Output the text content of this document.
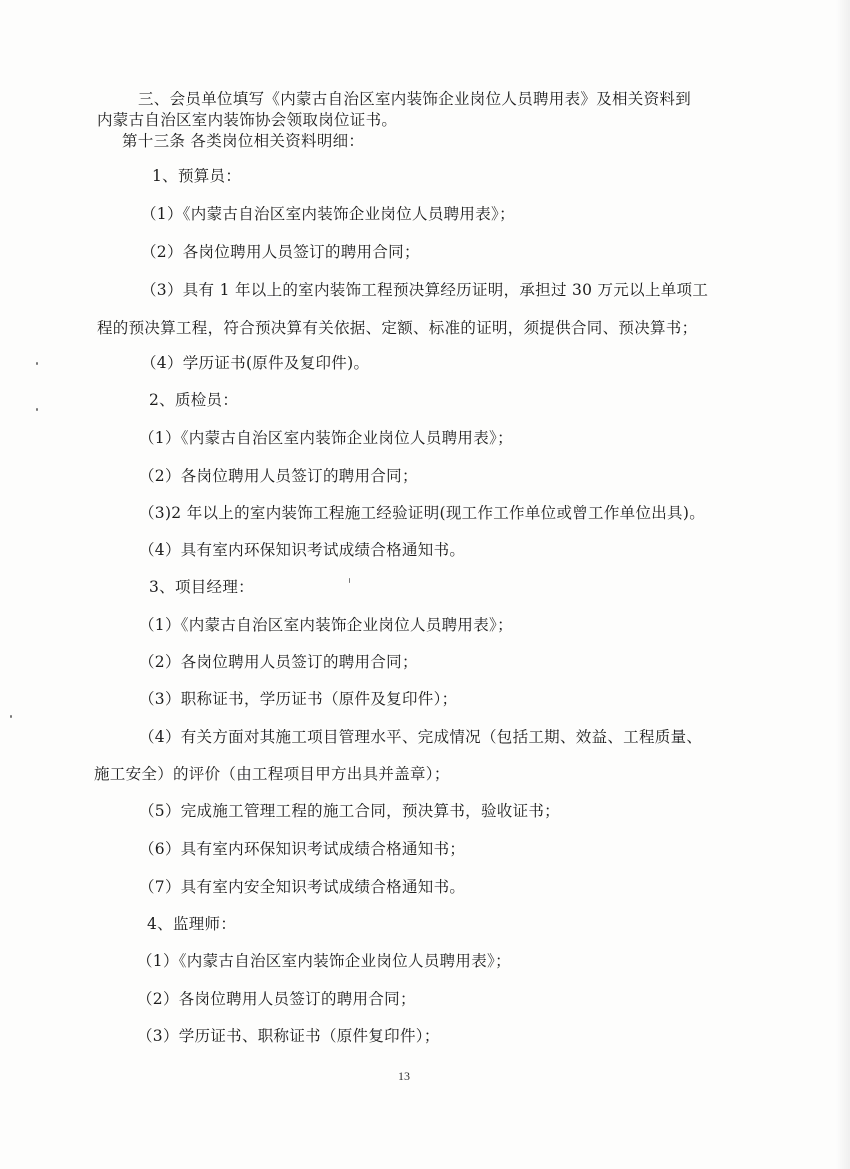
三、会员单位填写《内蒙古自治区室内装饰企业岗位人员聘用表》及相关资料到
内蒙古自治区室内装饰协会领取岗位证书。
第十三条 各类岗位相关资料明细：
1、预算员：
（1）《内蒙古自治区室内装饰企业岗位人员聘用表》；
（2）各岗位聘用人员签订的聘用合同；
（3）具有 1 年以上的室内装饰工程预决算经历证明，承担过 30 万元以上单项工
程的预决算工程，符合预决算有关依据、定额、标准的证明，须提供合同、预决算书；
（4）学历证书(原件及复印件)。
2、质检员：
（1）《内蒙古自治区室内装饰企业岗位人员聘用表》；
（2）各岗位聘用人员签订的聘用合同；
（3)2 年以上的室内装饰工程施工经验证明(现工作工作单位或曾工作单位出具)。
（4）具有室内环保知识考试成绩合格通知书。
3、项目经理：
（1）《内蒙古自治区室内装饰企业岗位人员聘用表》；
（2）各岗位聘用人员签订的聘用合同；
（3）职称证书，学历证书（原件及复印件）；
（4）有关方面对其施工项目管理水平、完成情况（包括工期、效益、工程质量、
施工安全）的评价（由工程项目甲方出具并盖章）；
（5）完成施工管理工程的施工合同，预决算书，验收证书；
（6）具有室内环保知识考试成绩合格通知书；
（7）具有室内安全知识考试成绩合格通知书。
4、监理师：
（1）《内蒙古自治区室内装饰企业岗位人员聘用表》；
（2）各岗位聘用人员签订的聘用合同；
（3）学历证书、职称证书（原件复印件）；
13
